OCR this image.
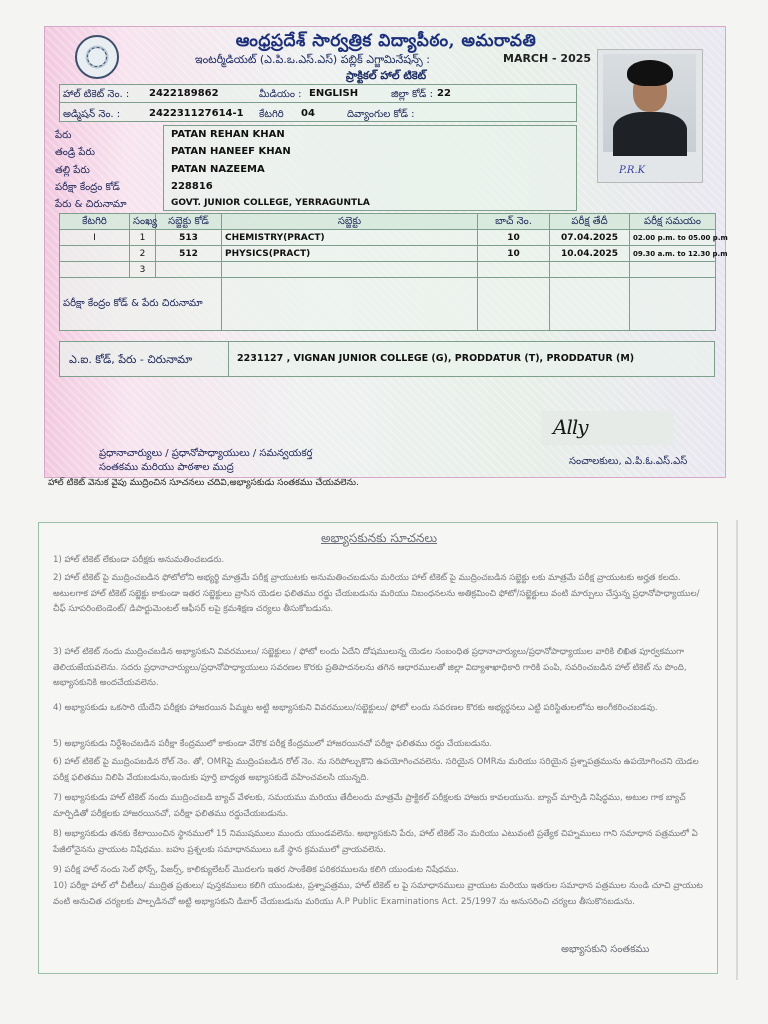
ఆంధ్రప్రదేశ్ సార్వత్రిక విద్యాపీఠం, అమరావతి
ఇంటర్మీడియట్ (ఎ.పి.ఒ.ఎస్.ఎస్) పబ్లిక్ ఎగ్జామినేషన్స్ :	MARCH - 2025
ప్రాక్టికల్ హాల్ టికెట్
P.R.K
హాల్ టికెట్ నెం. : 2422189862	మీడియం : ENGLISH	జిల్లా కోడ్ : 22
అడ్మిషన్ నెం. :	242231127614-1 కేటగిరి 04	దివ్యాంగుల కోడ్ :
పేరు	PATAN REHAN KHAN
తండ్రి పేరు	PATAN HANEEF KHAN
తల్లి పేరు	PATAN NAZEEMA
పరీక్షా కేంద్రం కోడ్	228816
పేరు & చిరునామా	GOVT. JUNIOR COLLEGE, YERRAGUNTLA
కేటగిరి	సంఖ్య	సబ్జెక్టు కోడ్	సబ్జెక్టు	బాచ్ నెం.	పరీక్ష తేదీ	పరీక్ష సమయం
I	1	513	CHEMISTRY(PRACT)	10	07.04.2025	02.00 p.m. to 05.00 p.m
	2	512	PHYSICS(PRACT)	10	10.04.2025	09.30 a.m. to 12.30 p.m
	3					
పరీక్షా కేంద్రం కోడ్ & పేరు చిరునామా						
ఎ.ఐ. కోడ్, పేరు - చిరునామా	2231127 , VIGNAN JUNIOR COLLEGE (G), PRODDATUR (T), PRODDATUR (M)
Ally
ప్రధానాచార్యులు / ప్రధానోపాధ్యాయులు / సమన్వయకర్త
సంతకము మరియు పాఠశాల ముద్ర
సంచాలకులు, ఎ.పి.ఓ.ఎస్.ఎస్
హాల్ టికెట్ వెనుక వైపు ముద్రించిన సూచనలు చదివి,అభ్యాసకుడు సంతకము చేయవలెను.
అభ్యాసకునకు సూచనలు
1) హాల్ టికెట్ లేకుండా పరీక్షకు అనుమతించబడరు.
2) హాల్ టికెట్ పై ముద్రించబడిన ఫోటోలోని అభ్యర్థి మాత్రమే పరీక్ష వ్రాయుటకు అనుమతించబడును మరియు హాల్ టికెట్ పై ముద్రించబడిన సబ్జెక్టు లకు మాత్రమే పరీక్ష వ్రాయుటకు అర్హత కలదు. అటులగాక హాల్ టికెట్ సబ్జెక్టు కాకుండా ఇతర సబ్జెక్టులు వ్రాసిన యెడల ఫలితము రద్దు చేయబడును మరియు నిబంధనలను అతిక్రమించి ఫోటో/సబ్జెక్టులు వంటి మార్పులు చేస్తున్న ప్రధానోపాధ్యాయుల/చీఫ్ సూపరింటెండెంట్/ డిపార్టుమెంటల్ ఆఫీసర్ లపై క్రమశిక్షణ చర్యలు తీసుకోబడును.
3) హాల్ టికెట్ నందు ముద్రించబడిన అభ్యాసకుని వివరములు/ సబ్జెక్టులు / ఫోటో లందు ఏదేని దోషములున్న యెడల సంబంధిత ప్రధానాచార్యులు/ప్రధానోపాధ్యాయుల వారికి లిఖిత పూర్వకముగా తెలియజేయవలెను. సదరు ప్రధానాచార్యులు/ప్రధానోపాధ్యాయులు సవరణల కొరకు ప్రతిపాదనలను తగిన ఆధారములతో జిల్లా విద్యాశాఖాధికారి గారికి పంపి, సవరించబడిన హాల్ టికెట్ ను పొంది, అభ్యాసకునికి అందచేయవలెను.
4) అభ్యాసకుడు ఒకసారి యేదేని పరీక్షకు హాజరయిన పిమ్మట అట్టి అభ్యాసకుని వివరములు/సబ్జెక్టులు/ ఫోటో లందు సవరణల కొరకు అభ్యర్ధనలు ఎట్టి పరిస్థితులలోను అంగీకరించబడవు.
5) అభ్యాసకుడు నిర్దేశించబడిన పరీక్షా కేంద్రములో కాకుండా వేరొక పరీక్ష కేంద్రములో హాజరయినచో పరీక్షా ఫలితము రద్దు చేయబడును.
6) హాల్ టికెట్ పై ముద్రింపబడిన రోల్ నెం. తో, OMRపై ముద్రింపబడిన రోల్ నెం. ను సరిపోల్చుకొని ఉపయోగించవలెను. సరియైన OMRను మరియు సరియైన ప్రశ్నాపత్రమును ఉపయోగించని యెడల పరీక్ష ఫలితము నిలిపి వేయబడును,ఇందుకు పూర్తి బాధ్యత అభ్యాసకుడే వహించవలసి యున్నది.
7) అభ్యాసకుడు హాల్ టికెట్ నందు ముద్రించబడి బ్యాచ్ వేళలకు, సమయము మరియు తేదీలందు మాత్రమే ప్రాక్టికల్ పరీక్షలకు హాజరు కావలయును. బ్యాచ్ మార్పిడి నిషిద్ధము, అటుల గాక బ్యాచ్ మార్పిడితో పరీక్షలకు హాజరయినచో, పరీక్షా ఫలితము రద్దుచేయబడును.
8) అభ్యాసకుడు తనకు కేటాయించిన స్థానములో 15 నిముషములు ముందు యుండవలెను. అభ్యాసకుని పేరు, హాల్ టికెట్ నెం మరియు ఎటువంటి ప్రత్యేక చిహ్నములు గాని సమాధాన పత్రములో ఏ పేజీలోనైనను వ్రాయుట నిషేధము. బహు ప్రశ్నలకు సమాధానములు ఒకే స్థాన క్రమములో వ్రాయవలెను.
9) పరీక్ష హాల్ నందు సెల్ ఫోన్స్, పేజర్స్, కాలిక్యులేటర్ మొదలగు ఇతర సాంకేతిక పరికరములను కలిగి యుండుట నిషేధము.
10) పరీక్షా హాల్ లో చీటీలు/ ముద్రిత ప్రతులు/ పుస్తకములు కలిగి యుండుట, ప్రశ్నాపత్రము, హాల్ టికెట్ ల పై సమాధానములు వ్రాయుట మరియు ఇతరుల సమాధాన పత్రముల నుండి చూచి వ్రాయుట వంటి అనుచిత చర్యలకు పాల్పడినచో అట్టి అభ్యాసకుని డిబార్ చేయబడును మరియు A.P Public Examinations Act. 25/1997 ను అనుసరించి చర్యలు తీసుకొనబడును.
అభ్యాసకుని సంతకము
